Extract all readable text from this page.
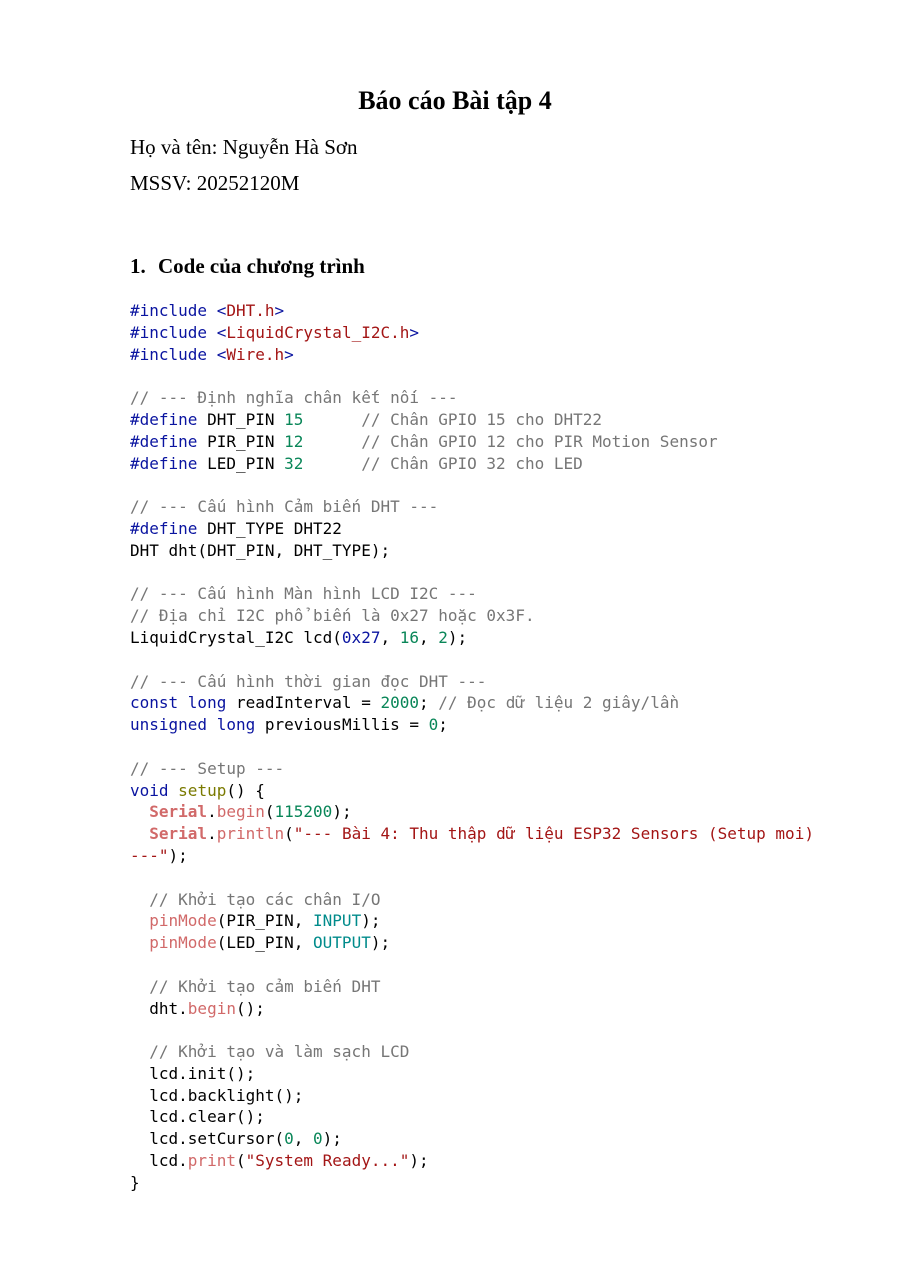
Báo cáo Bài tập 4
Họ và tên: Nguyễn Hà Sơn
MSSV: 20252120M
1. Code của chương trình
#include <DHT.h>
#include <LiquidCrystal_I2C.h>
#include <Wire.h>

// --- Định nghĩa chân kết nối ---
#define DHT_PIN 15	// Chân GPIO 15 cho DHT22
#define PIR_PIN 12	// Chân GPIO 12 cho PIR Motion Sensor
#define LED_PIN 32	// Chân GPIO 32 cho LED

// --- Cấu hình Cảm biến DHT ---
#define DHT_TYPE DHT22
DHT dht(DHT_PIN, DHT_TYPE);

// --- Cấu hình Màn hình LCD I2C ---
// Địa chỉ I2C phổ biến là 0x27 hoặc 0x3F.
LiquidCrystal_I2C lcd(0x27, 16, 2);

// --- Cấu hình thời gian đọc DHT ---
const long readInterval = 2000; // Đọc dữ liệu 2 giây/lần
unsigned long previousMillis = 0;

// --- Setup ---
void setup() {
Serial.begin(115200);
Serial.println("--- Bài 4: Thu thập dữ liệu ESP32 Sensors (Setup moi)
---");

// Khởi tạo các chân I/O
pinMode(PIR_PIN, INPUT);
pinMode(LED_PIN, OUTPUT);

// Khởi tạo cảm biến DHT
dht.begin();

// Khởi tạo và làm sạch LCD
lcd.init();
lcd.backlight();
lcd.clear();
lcd.setCursor(0, 0);
lcd.print("System Ready...");
}
